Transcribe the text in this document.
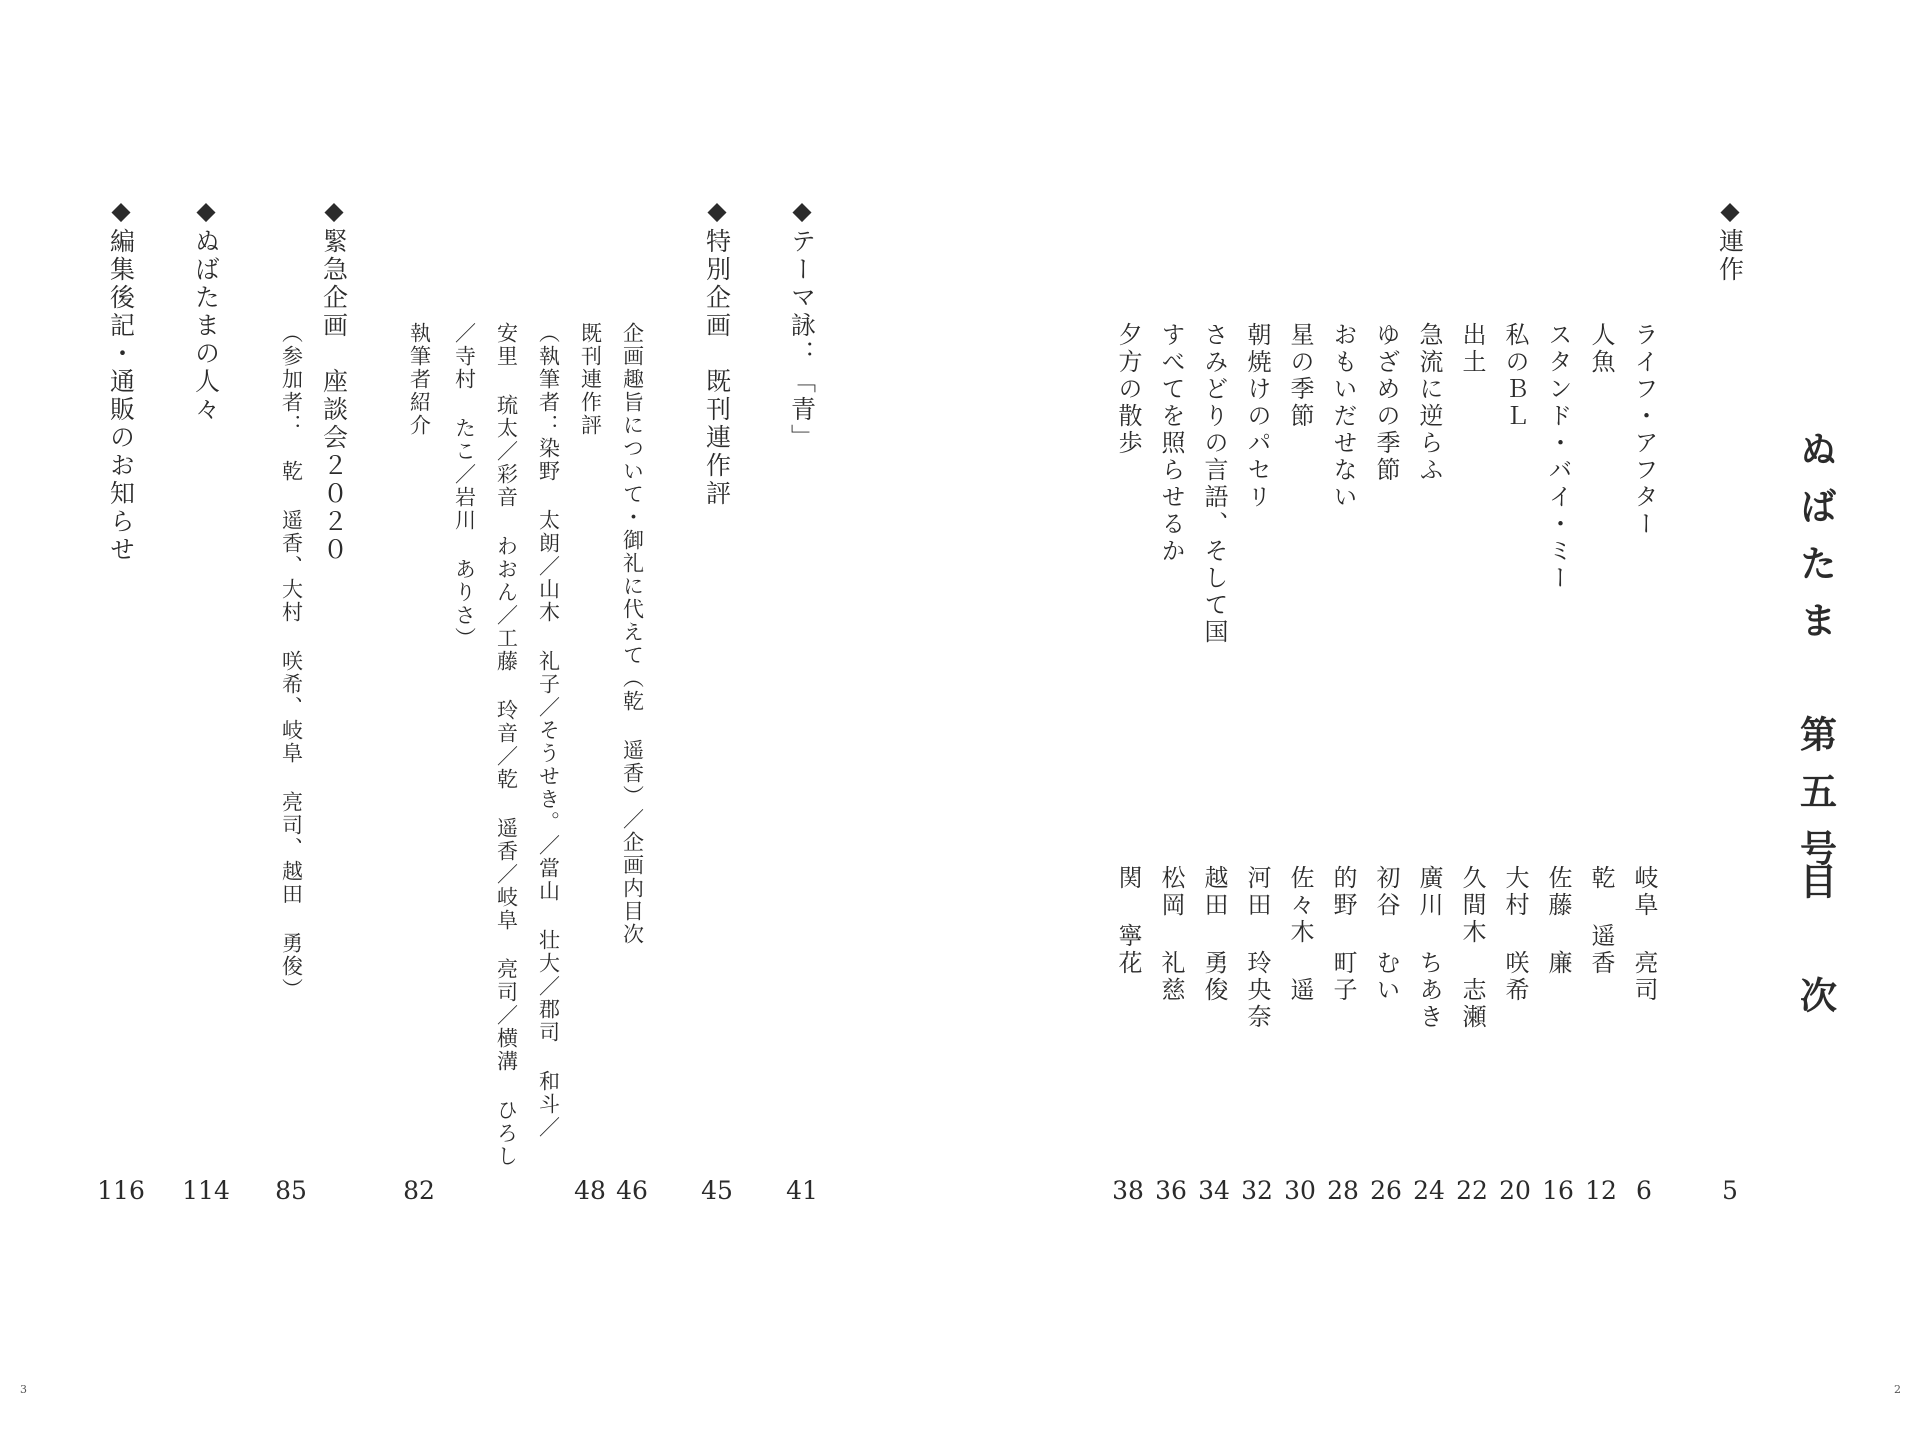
ぬばたま　第五号
目　次
◆連作
5
ライフ・アフター
岐阜 亮司
6
人魚
乾 遥香
12
スタンド・バイ・ミー
佐藤 廉
16
私のＢＬ
大村 咲希
20
出土
久間木 志瀬
22
急流に逆らふ
廣川 ちあき
24
ゆざめの季節
初谷 むい
26
おもいだせない
的野 町子
28
星の季節
佐々木 遥
30
朝焼けのパセリ
河田 玲央奈
32
さみどりの言語、そして国
越田 勇俊
34
すべてを照らせるか
松岡 礼慈
36
夕方の散歩
関 寧花
38
◆テーマ詠：「青」
41
◆特別企画　既刊連作評
45
企画趣旨について・御礼に代えて（乾 遥香）／企画内目次
46
既刊連作評
48
（執筆者：染野 太朗／山木 礼子／そうせき。／當山 壮大／郡司 和斗／
安里 琉太／彩音 わおん／工藤 玲音／乾 遥香／岐阜 亮司／横溝 ひろし
／寺村 たこ／岩川 ありさ）
執筆者紹介
82
◆緊急企画　座談会２０２０
85
（参加者：　乾 遥香、大村 咲希、岐阜 亮司、越田 勇俊）
◆ぬばたまの人々
114
◆編集後記・通販のお知らせ
116
3	2
